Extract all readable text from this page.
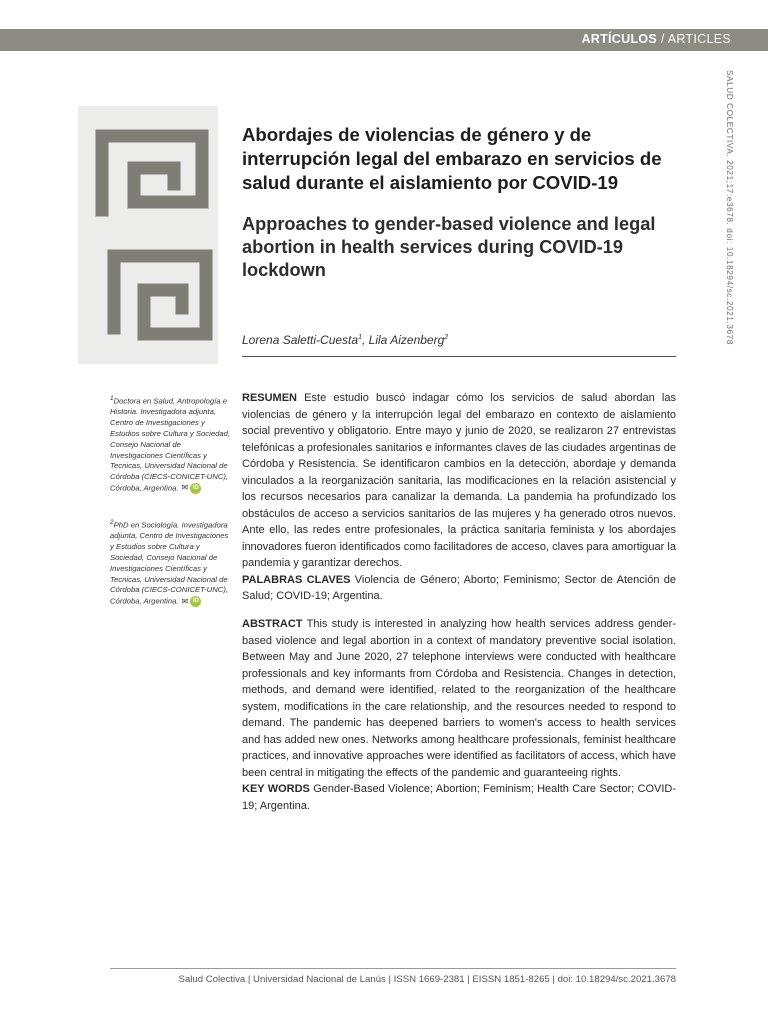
ARTÍCULOS / ARTICLES
SALUD COLECTIVA. 2021;17:e3678. doi: 10.18294/sc.2021.3678
Abordajes de violencias de género y de interrupción legal del embarazo en servicios de salud durante el aislamiento por COVID-19
Approaches to gender-based violence and legal abortion in health services during COVID-19 lockdown
Lorena Saletti-Cuesta$^1$, Lila Aizenberg$^2$
$^1$Doctora en Salud, Antropología e Historia. Investigadora adjunta, Centro de Investigaciones y Estudios sobre Cultura y Sociedad, Consejo Nacional de Investigaciones Científicas y Tecnicas, Universidad Nacional de Córdoba (CIECS-CONICET-UNC), Córdoba, Argentina. ✉ iD
$^2$PhD en Sociología. Investigadora adjunta, Centro de Investigaciones y Estudios sobre Cultura y Sociedad, Consejo Nacional de Investigaciones Científicas y Tecnicas, Universidad Nacional de Córdoba (CIECS-CONICET-UNC), Córdoba, Argentina. ✉ iD

RESUMEN Este estudio buscó indagar cómo los servicios de salud abordan las violencias de género y la interrupción legal del embarazo en contexto de aislamiento social preventivo y obligatorio. Entre mayo y junio de 2020, se realizaron 27 entrevistas telefónicas a profesionales sanitarios e informantes claves de las ciudades argentinas de Córdoba y Resistencia. Se identificaron cambios en la detección, abordaje y demanda vinculados a la reorganización sanitaria, las modificaciones en la relación asistencial y los recursos necesarios para canalizar la demanda. La pandemia ha profundizado los obstáculos de acceso a servicios sanitarios de las mujeres y ha generado otros nuevos. Ante ello, las redes entre profesionales, la práctica sanitaria feminista y los abordajes innovadores fueron identificados como facilitadores de acceso, claves para amortiguar la pandemia y garantizar derechos.
PALABRAS CLAVES Violencia de Género; Aborto; Feminismo; Sector de Atención de Salud; COVID-19; Argentina.

ABSTRACT This study is interested in analyzing how health services address gender-based violence and legal abortion in a context of mandatory preventive social isolation. Between May and June 2020, 27 telephone interviews were conducted with healthcare professionals and key informants from Córdoba and Resistencia. Changes in detection, methods, and demand were identified, related to the reorganization of the healthcare system, modifications in the care relationship, and the resources needed to respond to demand. The pandemic has deepened barriers to women's access to health services and has added new ones. Networks among healthcare professionals, feminist healthcare practices, and innovative approaches were identified as facilitators of access, which have been central in mitigating the effects of the pandemic and guaranteeing rights.
KEY WORDS Gender-Based Violence; Abortion; Feminism; Health Care Sector; COVID-19; Argentina.

Salud Colectiva | Universidad Nacional de Lanús | ISSN 1669-2381 | EISSN 1851-8265 | doi: 10.18294/sc.2021.3678
